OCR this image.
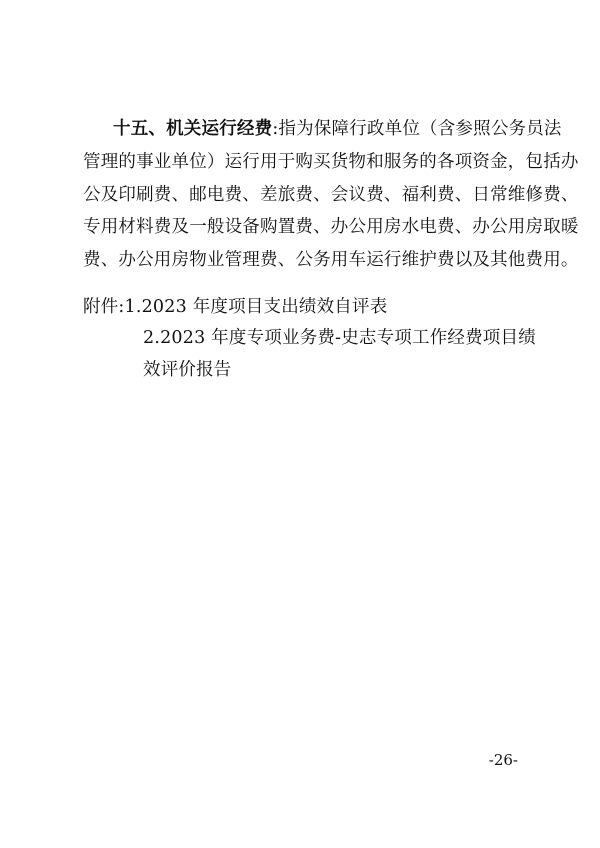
十五、机关运行经费:指为保障行政单位（含参照公务员法
管理的事业单位）运行用于购买货物和服务的各项资金，包括办
公及印刷费、邮电费、差旅费、会议费、福利费、日常维修费、
专用材料费及一般设备购置费、办公用房水电费、办公用房取暖
费、办公用房物业管理费、公务用车运行维护费以及其他费用。
附件:1.2023 年度项目支出绩效自评表
2.2023 年度专项业务费-史志专项工作经费项目绩
效评价报告
-26-
